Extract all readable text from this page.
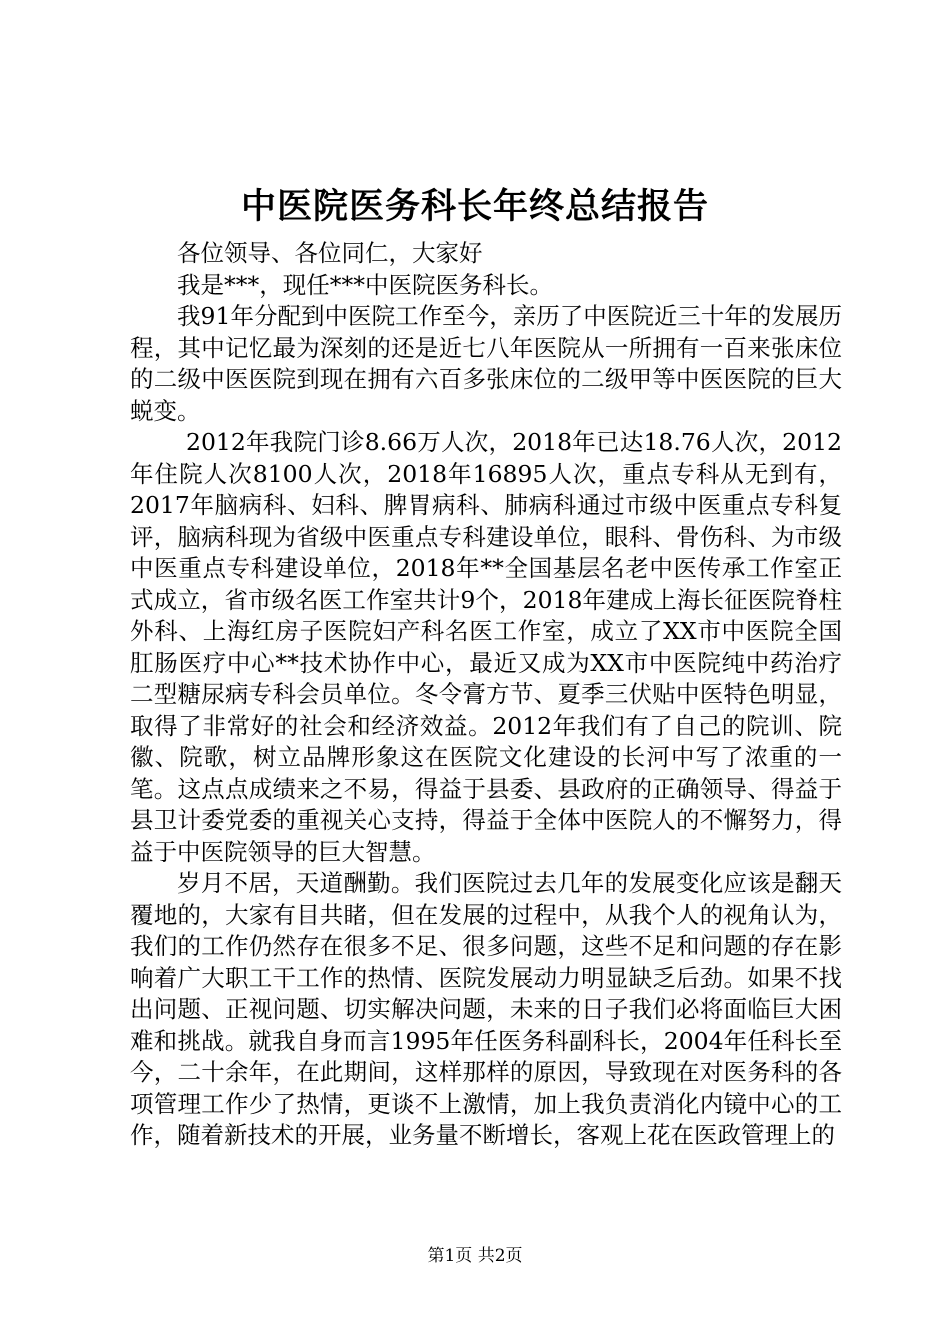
中医院医务科长年终总结报告

各位领导、各位同仁，大家好

我是***，现任***中医院医务科长。

我91年分配到中医院工作至今，亲历了中医院近三十年的发展历程，其中记忆最为深刻的还是近七八年医院从一所拥有一百来张床位的二级中医医院到现在拥有六百多张床位的二级甲等中医医院的巨大蜕变。

2012年我院门诊8.66万人次，2018年已达18.76人次，2012年住院人次8100人次，2018年16895人次，重点专科从无到有，2017年脑病科、妇科、脾胃病科、肺病科通过市级中医重点专科复评，脑病科现为省级中医重点专科建设单位，眼科、骨伤科、为市级中医重点专科建设单位，2018年**全国基层名老中医传承工作室正式成立，省市级名医工作室共计9个，2018年建成上海长征医院脊柱外科、上海红房子医院妇产科名医工作室，成立了XX市中医院全国肛肠医疗中心**技术协作中心，最近又成为XX市中医院纯中药治疗二型糖尿病专科会员单位。冬令膏方节、夏季三伏贴中医特色明显，取得了非常好的社会和经济效益。2012年我们有了自己的院训、院徽、院歌，树立品牌形象这在医院文化建设的长河中写了浓重的一笔。这点点成绩来之不易，得益于县委、县政府的正确领导、得益于县卫计委党委的重视关心支持，得益于全体中医院人的不懈努力，得益于中医院领导的巨大智慧。

岁月不居，天道酬勤。我们医院过去几年的发展变化应该是翻天覆地的，大家有目共睹，但在发展的过程中，从我个人的视角认为，我们的工作仍然存在很多不足、很多问题，这些不足和问题的存在影响着广大职工干工作的热情、医院发展动力明显缺乏后劲。如果不找出问题、正视问题、切实解决问题，未来的日子我们必将面临巨大困难和挑战。就我自身而言1995年任医务科副科长，2004年任科长至今，二十余年，在此期间，这样那样的原因，导致现在对医务科的各项管理工作少了热情，更谈不上激情，加上我负责消化内镜中心的工作，随着新技术的开展，业务量不断增长，客观上花在医政管理上的

第1页 共2页
